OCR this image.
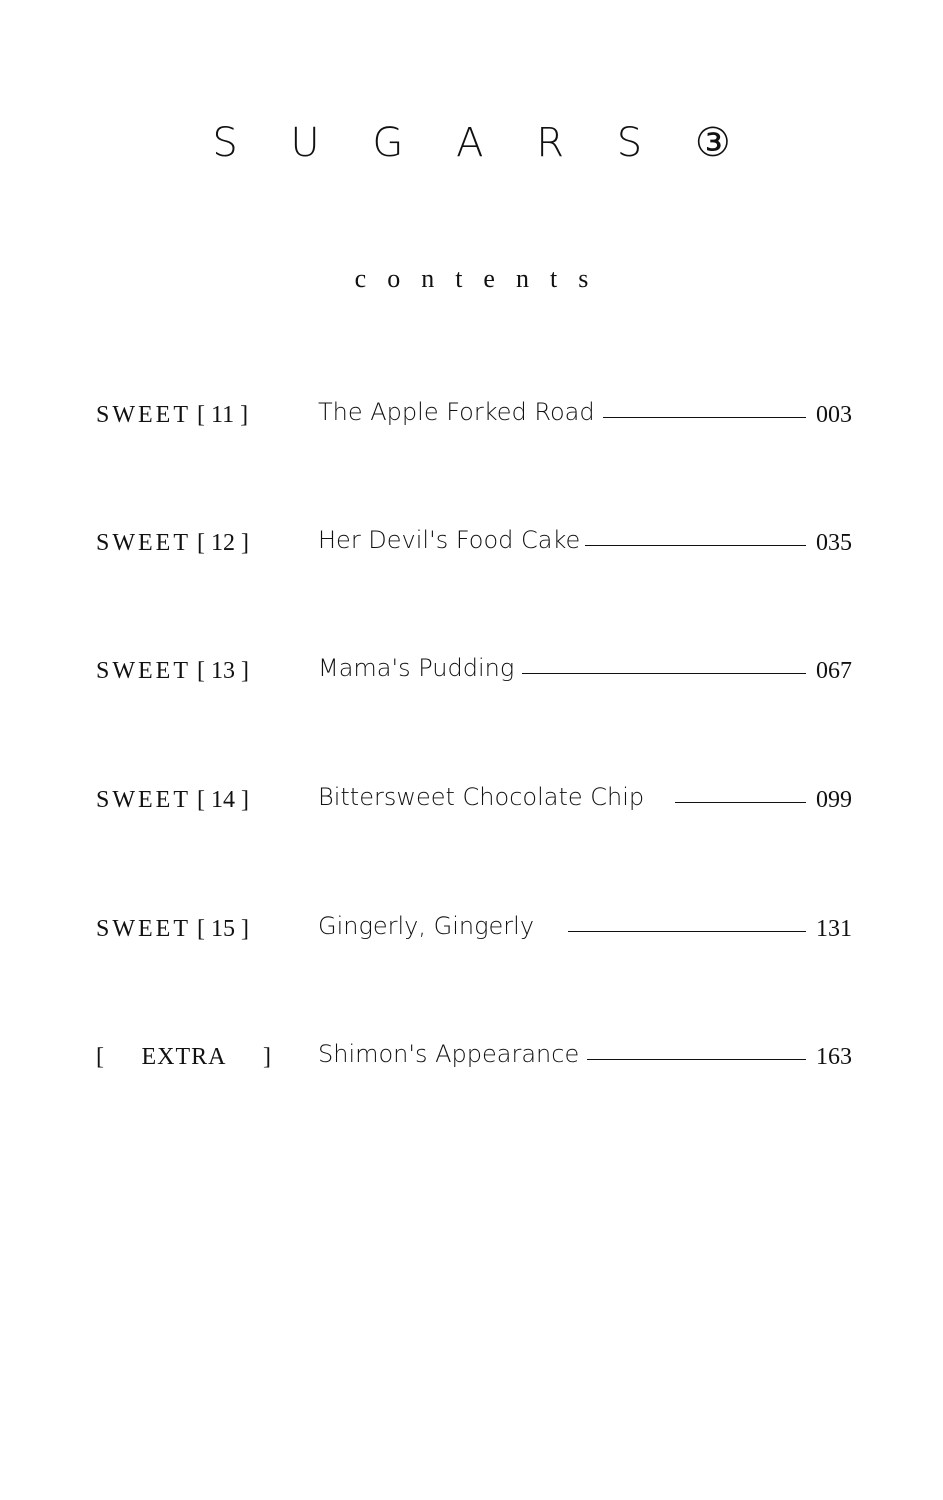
S U G A R S ③
contents
SWEET [ 11 ]	The Apple Forked Road	003
SWEET [ 12 ]	Her Devil's Food Cake	035
SWEET [ 13 ]	Mama's Pudding	067
SWEET [ 14 ]	Bittersweet Chocolate Chip	099
SWEET [ 15 ]	Gingerly, Gingerly	131
[ EXTRA ] Shimon's Appearance	163
